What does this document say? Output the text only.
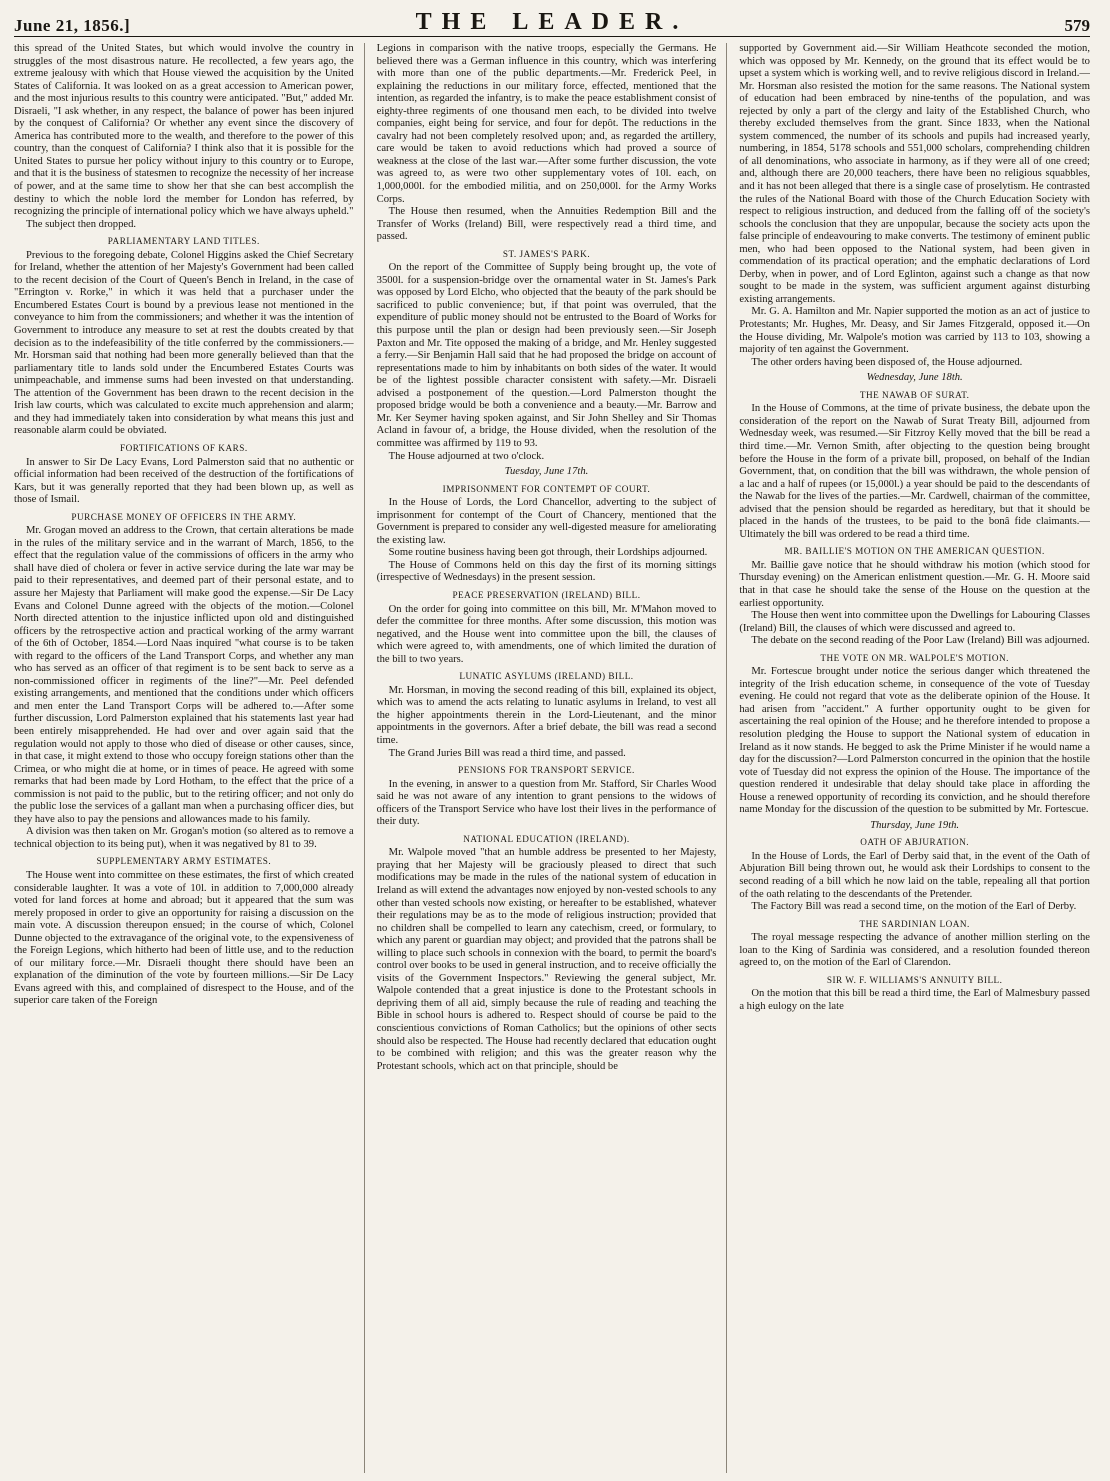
June 21, 1856.]	THE LEADER.	579

this spread of the United States, but which would involve the country in struggles of the most disastrous nature. He recollected, a few years ago, the extreme jealousy with which that House viewed the acquisition by the United States of California. It was looked on as a great accession to American power, and the most injurious results to this country were anticipated. "But," added Mr. Disraeli, "I ask whether, in any respect, the balance of power has been injured by the conquest of California? Or whether any event since the discovery of America has contributed more to the wealth, and therefore to the power of this country, than the conquest of California? I think also that it is possible for the United States to pursue her policy without injury to this country or to Europe, and that it is the business of statesmen to recognize the necessity of her increase of power, and at the same time to show her that she can best accomplish the destiny to which the noble lord the member for London has referred, by recognizing the principle of international policy which we have always upheld."

The subject then dropped.

PARLIAMENTARY LAND TITLES.

Previous to the foregoing debate, Colonel Higgins asked the Chief Secretary for Ireland, whether the attention of her Majesty's Government had been called to the recent decision of the Court of Queen's Bench in Ireland, in the case of "Errington v. Rorke," in which it was held that a purchaser under the Encumbered Estates Court is bound by a previous lease not mentioned in the conveyance to him from the commissioners; and whether it was the intention of Government to introduce any measure to set at rest the doubts created by that decision as to the indefeasibility of the title conferred by the commissioners.—Mr. Horsman said that nothing had been more generally believed than that the parliamentary title to lands sold under the Encumbered Estates Courts was unimpeachable, and immense sums had been invested on that understanding. The attention of the Government has been drawn to the recent decision in the Irish law courts, which was calculated to excite much apprehension and alarm; and they had immediately taken into consideration by what means this just and reasonable alarm could be obviated.

FORTIFICATIONS OF KARS.

In answer to Sir De Lacy Evans, Lord Palmerston said that no authentic or official information had been received of the destruction of the fortifications of Kars, but it was generally reported that they had been blown up, as well as those of Ismail.

PURCHASE MONEY OF OFFICERS IN THE ARMY.

Mr. Grogan moved an address to the Crown, that certain alterations be made in the rules of the military service and in the warrant of March, 1856, to the effect that the regulation value of the commissions of officers in the army who shall have died of cholera or fever in active service during the late war may be paid to their representatives, and deemed part of their personal estate, and to assure her Majesty that Parliament will make good the expense.—Sir De Lacy Evans and Colonel Dunne agreed with the objects of the motion.—Colonel North directed attention to the injustice inflicted upon old and distinguished officers by the retrospective action and practical working of the army warrant of the 6th of October, 1854.—Lord Naas inquired "what course is to be taken with regard to the officers of the Land Transport Corps, and whether any man who has served as an officer of that regiment is to be sent back to serve as a non-commissioned officer in regiments of the line?"—Mr. Peel defended existing arrangements, and mentioned that the conditions under which officers and men enter the Land Transport Corps will be adhered to.—After some further discussion, Lord Palmerston explained that his statements last year had been entirely misapprehended. He had over and over again said that the regulation would not apply to those who died of disease or other causes, since, in that case, it might extend to those who occupy foreign stations other than the Crimea, or who might die at home, or in times of peace. He agreed with some remarks that had been made by Lord Hotham, to the effect that the price of a commission is not paid to the public, but to the retiring officer; and not only do the public lose the services of a gallant man when a purchasing officer dies, but they have also to pay the pensions and allowances made to his family.

A division was then taken on Mr. Grogan's motion (so altered as to remove a technical objection to its being put), when it was negatived by 81 to 39.

SUPPLEMENTARY ARMY ESTIMATES.

The House went into committee on these estimates, the first of which created considerable laughter. It was a vote of 10l. in addition to 7,000,000 already voted for land forces at home and abroad; but it appeared that the sum was merely proposed in order to give an opportunity for raising a discussion on the main vote. A discussion thereupon ensued; in the course of which, Colonel Dunne objected to the extravagance of the original vote, to the expensiveness of the Foreign Legions, which hitherto had been of little use, and to the reduction of our military force.—Mr. Disraeli thought there should have been an explanation of the diminution of the vote by fourteen millions.—Sir De Lacy Evans agreed with this, and complained of disrespect to the House, and of the superior care taken of the Foreign

Legions in comparison with the native troops, especially the Germans. He believed there was a German influence in this country, which was interfering with more than one of the public departments.—Mr. Frederick Peel, in explaining the reductions in our military force, effected, mentioned that the intention, as regarded the infantry, is to make the peace establishment consist of eighty-three regiments of one thousand men each, to be divided into twelve companies, eight being for service, and four for depôt. The reductions in the cavalry had not been completely resolved upon; and, as regarded the artillery, care would be taken to avoid reductions which had proved a source of weakness at the close of the last war.—After some further discussion, the vote was agreed to, as were two other supplementary votes of 10l. each, on 1,000,000l. for the embodied militia, and on 250,000l. for the Army Works Corps.

The House then resumed, when the Annuities Redemption Bill and the Transfer of Works (Ireland) Bill, were respectively read a third time, and passed.

ST. JAMES'S PARK.

On the report of the Committee of Supply being brought up, the vote of 3500l. for a suspension-bridge over the ornamental water in St. James's Park was opposed by Lord Elcho, who objected that the beauty of the park should be sacrificed to public convenience; but, if that point was overruled, that the expenditure of public money should not be entrusted to the Board of Works for this purpose until the plan or design had been previously seen.—Sir Joseph Paxton and Mr. Tite opposed the making of a bridge, and Mr. Henley suggested a ferry.—Sir Benjamin Hall said that he had proposed the bridge on account of representations made to him by inhabitants on both sides of the water. It would be of the lightest possible character consistent with safety.—Mr. Disraeli advised a postponement of the question.—Lord Palmerston thought the proposed bridge would be both a convenience and a beauty.—Mr. Barrow and Mr. Ker Seymer having spoken against, and Sir John Shelley and Sir Thomas Acland in favour of, a bridge, the House divided, when the resolution of the committee was affirmed by 119 to 93.

The House adjourned at two o'clock.

Tuesday, June 17th.
IMPRISONMENT FOR CONTEMPT OF COURT.

In the House of Lords, the Lord Chancellor, adverting to the subject of imprisonment for contempt of the Court of Chancery, mentioned that the Government is prepared to consider any well-digested measure for ameliorating the existing law.

Some routine business having been got through, their Lordships adjourned.

The House of Commons held on this day the first of its morning sittings (irrespective of Wednesdays) in the present session.

PEACE PRESERVATION (IRELAND) BILL.

On the order for going into committee on this bill, Mr. M'Mahon moved to defer the committee for three months. After some discussion, this motion was negatived, and the House went into committee upon the bill, the clauses of which were agreed to, with amendments, one of which limited the duration of the bill to two years.

LUNATIC ASYLUMS (IRELAND) BILL.

Mr. Horsman, in moving the second reading of this bill, explained its object, which was to amend the acts relating to lunatic asylums in Ireland, to vest all the higher appointments therein in the Lord-Lieutenant, and the minor appointments in the governors. After a brief debate, the bill was read a second time.

The Grand Juries Bill was read a third time, and passed.

PENSIONS FOR TRANSPORT SERVICE.

In the evening, in answer to a question from Mr. Stafford, Sir Charles Wood said he was not aware of any intention to grant pensions to the widows of officers of the Transport Service who have lost their lives in the performance of their duty.

NATIONAL EDUCATION (IRELAND).

Mr. Walpole moved "that an humble address be presented to her Majesty, praying that her Majesty will be graciously pleased to direct that such modifications may be made in the rules of the national system of education in Ireland as will extend the advantages now enjoyed by non-vested schools to any other than vested schools now existing, or hereafter to be established, whatever their regulations may be as to the mode of religious instruction; provided that no children shall be compelled to learn any catechism, creed, or formulary, to which any parent or guardian may object; and provided that the patrons shall be willing to place such schools in connexion with the board, to permit the board's control over books to be used in general instruction, and to receive officially the visits of the Government Inspectors." Reviewing the general subject, Mr. Walpole contended that a great injustice is done to the Protestant schools in depriving them of all aid, simply because the rule of reading and teaching the Bible in school hours is adhered to. Respect should of course be paid to the conscientious convictions of Roman Catholics; but the opinions of other sects should also be respected. The House had recently declared that education ought to be combined with religion; and this was the greater reason why the Protestant schools, which act on that principle, should be

supported by Government aid.—Sir William Heathcote seconded the motion, which was opposed by Mr. Kennedy, on the ground that its effect would be to upset a system which is working well, and to revive religious discord in Ireland.—Mr. Horsman also resisted the motion for the same reasons. The National system of education had been embraced by nine-tenths of the population, and was rejected by only a part of the clergy and laity of the Established Church, who thereby excluded themselves from the grant. Since 1833, when the National system commenced, the number of its schools and pupils had increased yearly, numbering, in 1854, 5178 schools and 551,000 scholars, comprehending children of all denominations, who associate in harmony, as if they were all of one creed; and, although there are 20,000 teachers, there have been no religious squabbles, and it has not been alleged that there is a single case of proselytism. He contrasted the rules of the National Board with those of the Church Education Society with respect to religious instruction, and deduced from the falling off of the society's schools the conclusion that they are unpopular, because the society acts upon the false principle of endeavouring to make converts. The testimony of eminent public men, who had been opposed to the National system, had been given in commendation of its practical operation; and the emphatic declarations of Lord Derby, when in power, and of Lord Eglinton, against such a change as that now sought to be made in the system, was sufficient argument against disturbing existing arrangements.

Mr. G. A. Hamilton and Mr. Napier supported the motion as an act of justice to Protestants; Mr. Hughes, Mr. Deasy, and Sir James Fitzgerald, opposed it.—On the House dividing, Mr. Walpole's motion was carried by 113 to 103, showing a majority of ten against the Government.

The other orders having been disposed of, the House adjourned.

Wednesday, June 18th.
THE NAWAB OF SURAT.

In the House of Commons, at the time of private business, the debate upon the consideration of the report on the Nawab of Surat Treaty Bill, adjourned from Wednesday week, was resumed.—Sir Fitzroy Kelly moved that the bill be read a third time.—Mr. Vernon Smith, after objecting to the question being brought before the House in the form of a private bill, proposed, on behalf of the Indian Government, that, on condition that the bill was withdrawn, the whole pension of a lac and a half of rupees (or 15,000l.) a year should be paid to the descendants of the Nawab for the lives of the parties.—Mr. Cardwell, chairman of the committee, advised that the pension should be regarded as hereditary, but that it should be placed in the hands of the trustees, to be paid to the bonâ fide claimants.—Ultimately the bill was ordered to be read a third time.

MR. BAILLIE'S MOTION ON THE AMERICAN QUESTION.

Mr. Baillie gave notice that he should withdraw his motion (which stood for Thursday evening) on the American enlistment question.—Mr. G. H. Moore said that in that case he should take the sense of the House on the question at the earliest opportunity.

The House then went into committee upon the Dwellings for Labouring Classes (Ireland) Bill, the clauses of which were discussed and agreed to.

The debate on the second reading of the Poor Law (Ireland) Bill was adjourned.

THE VOTE ON MR. WALPOLE'S MOTION.

Mr. Fortescue brought under notice the serious danger which threatened the integrity of the Irish education scheme, in consequence of the vote of Tuesday evening. He could not regard that vote as the deliberate opinion of the House. It had arisen from "accident." A further opportunity ought to be given for ascertaining the real opinion of the House; and he therefore intended to propose a resolution pledging the House to support the National system of education in Ireland as it now stands. He begged to ask the Prime Minister if he would name a day for the discussion?—Lord Palmerston concurred in the opinion that the hostile vote of Tuesday did not express the opinion of the House. The importance of the question rendered it undesirable that delay should take place in affording the House a renewed opportunity of recording its conviction, and he should therefore name Monday for the discussion of the question to be submitted by Mr. Fortescue.

Thursday, June 19th.
OATH OF ABJURATION.

In the House of Lords, the Earl of Derby said that, in the event of the Oath of Abjuration Bill being thrown out, he would ask their Lordships to consent to the second reading of a bill which he now laid on the table, repealing all that portion of the oath relating to the descendants of the Pretender.

The Factory Bill was read a second time, on the motion of the Earl of Derby.

THE SARDINIAN LOAN.

The royal message respecting the advance of another million sterling on the loan to the King of Sardinia was considered, and a resolution founded thereon agreed to, on the motion of the Earl of Clarendon.

SIR W. F. WILLIAMS'S ANNUITY BILL.

On the motion that this bill be read a third time, the Earl of Malmesbury passed a high eulogy on the late
